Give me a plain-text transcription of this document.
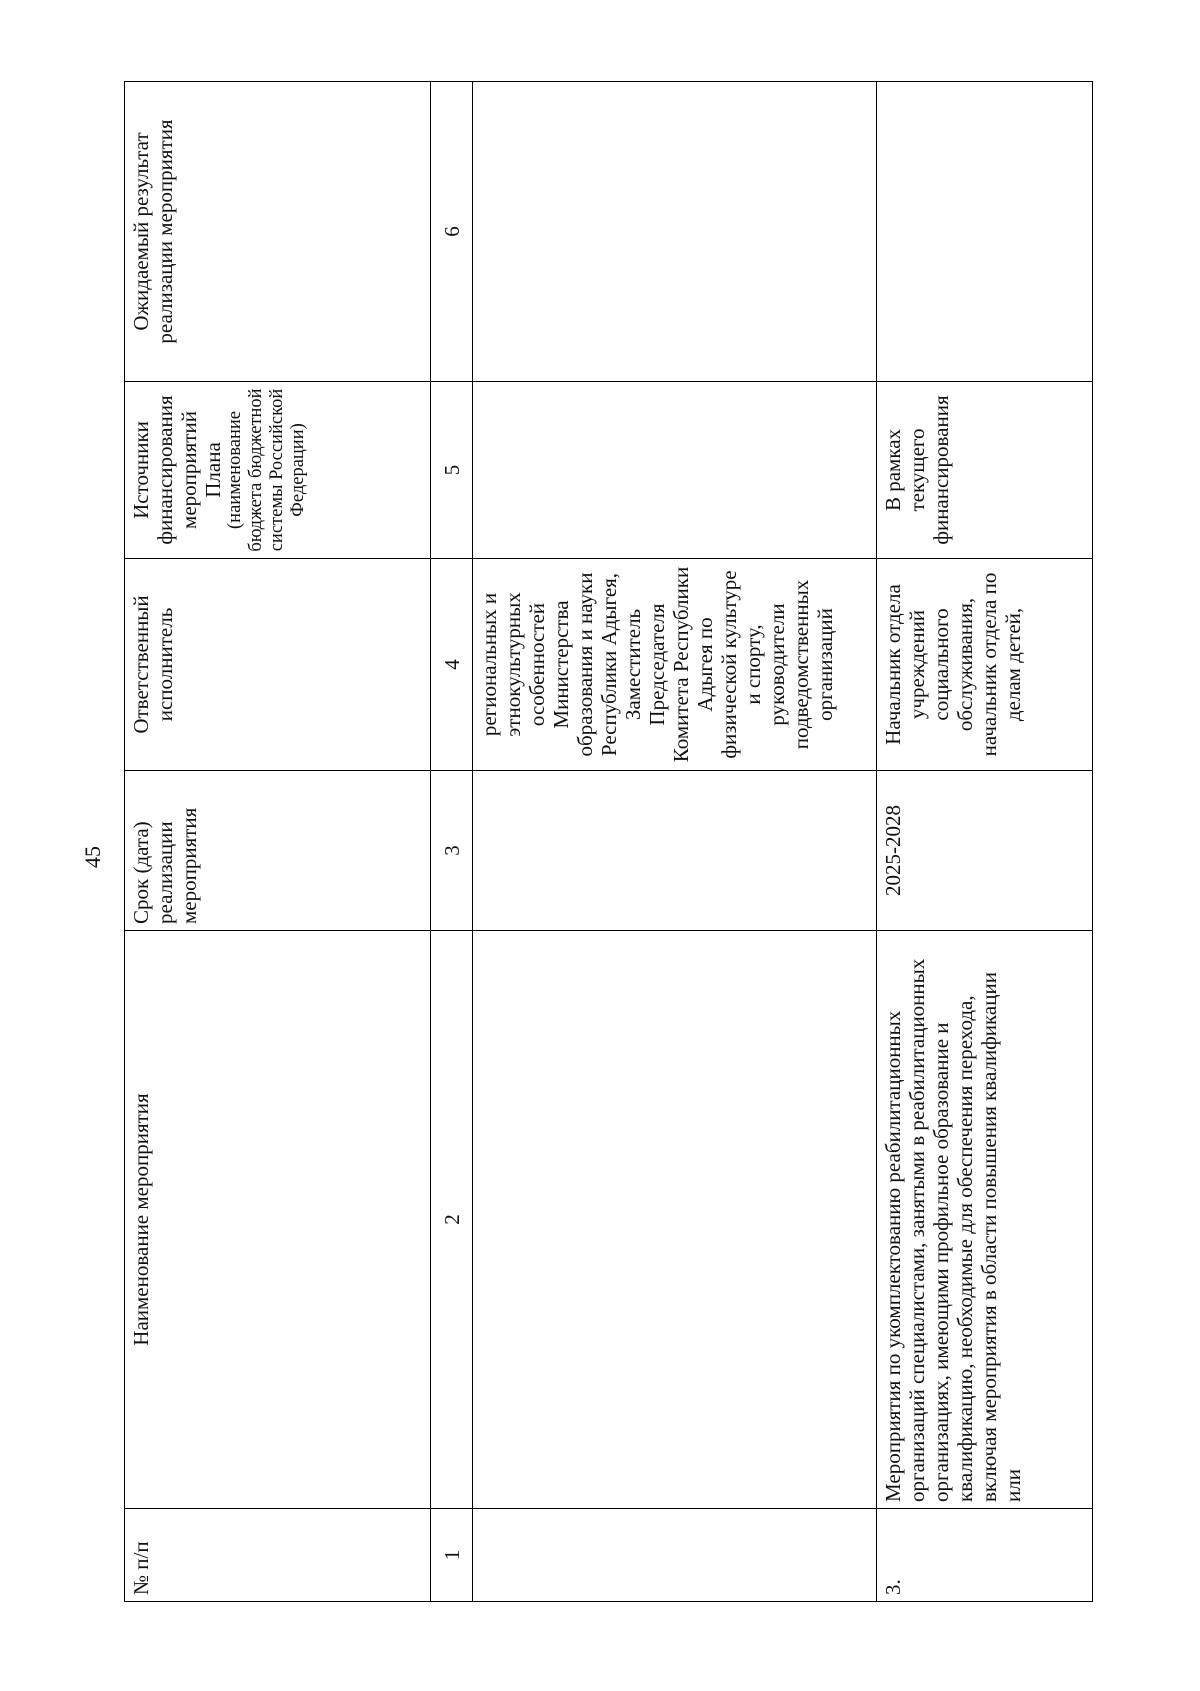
45
№ п/п	Наименование мероприятия	Срок (дата) реализации мероприятия	Ответственный исполнитель	Источники финансирования мероприятий Плана (наименование бюджета бюджетной системы Российской Федерации)	Ожидаемый результат реализации мероприятия
1	2	3	4	5	6
			региональных и этнокультурных особенностей Министерства образования и науки Республики Адыгея, Заместитель Председателя Комитета Республики Адыгея по физической культуре и спорту, руководители подведомственных организаций		
3.	Мероприятия по укомплектованию реабилитационных организаций специалистами, занятыми в реабилитационных организациях, имеющими профильное образование и квалификацию, необходимые для обеспечения перехода, включая мероприятия в области повышения квалификации или	2025-2028	Начальник отдела учреждений социального обслуживания, начальник отдела по делам детей,	В рамках текущего финансирования	
